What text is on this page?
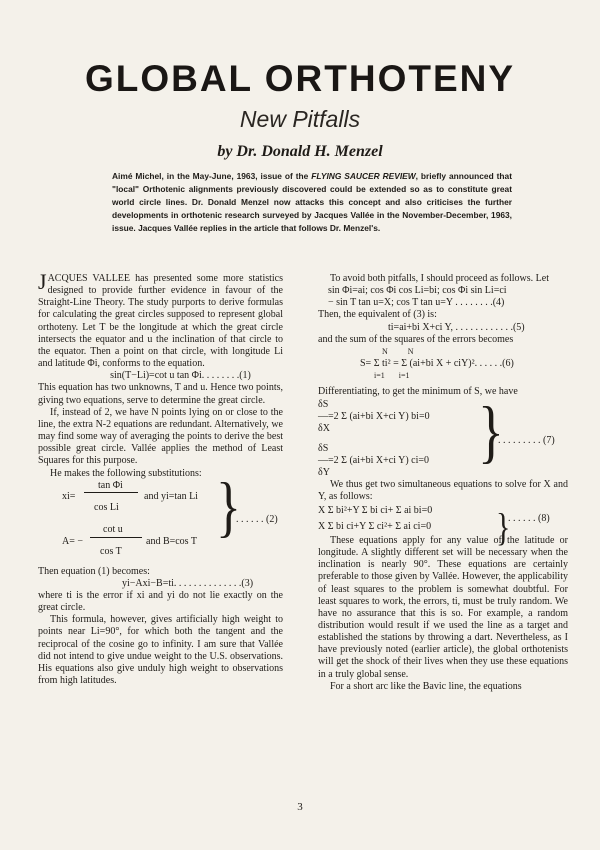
GLOBAL ORTHOTENY
New Pitfalls
by Dr. Donald H. Menzel
Aimé Michel, in the May-June, 1963, issue of the FLYING SAUCER REVIEW, briefly announced that "local" Orthotenic alignments previously discovered could be extended so as to constitute great world circle lines. Dr. Donald Menzel now attacks this concept and also criticises the further developments in orthotenic research surveyed by Jacques Vallée in the November-December, 1963, issue. Jacques Vallée replies in the article that follows Dr. Menzel's.

JACQUES VALLEE has presented some more statistics designed to provide further evidence in favour of the Straight-Line Theory. The study purports to derive formulas for calculating the great circles supposed to represent global orthoteny. Let T be the longitude at which the great circle intersects the equator and u the inclination of that circle to the equator. Then a point on that circle, with longitude Li and latitude Φi, conforms to the equation.

sin(T−Li)=cot u tan Φi. . . . . . . .(1)

This equation has two unknowns, T and u. Hence two points, giving two equations, serve to determine the great circle.

If, instead of 2, we have N points lying on or close to the line, the extra N-2 equations are redundant. Alternatively, we may find some way of averaging the points to derive the best possible great circle. Vallée applies the method of Least Squares for this purpose.

He makes the following substitutions:

tan Φi
xi=
cos Li
and yi=tan Li
cot u
A= −
cos T
and B=cos T }
. . . . . . (2)

Then equation (1) becomes:

yi−Axi−B=ti. . . . . . . . . . . . . .(3)

where ti is the error if xi and yi do not lie exactly on the great circle.

This formula, however, gives artificially high weight to points near Li=90°, for which both the tangent and the reciprocal of the cosine go to infinity. I am sure that Vallée did not intend to give undue weight to the U.S. observations. His equations also give unduly high weight to observations from high latitudes.

To avoid both pitfalls, I should proceed as follows. Let

sin Φi=ai; cos Φi cos Li=bi; cos Φi sin Li=ci

− sin T tan u=X; cos T tan u=Y . . . . . . . .(4)

Then, the equivalent of (3) is:

ti=ai+bi X+ci Y, . . . . . . . . . . . .(5)

and the sum of the squares of the errors becomes

N          N

S= Σ ti² = Σ (ai+bi X + ciY)². . . . . .(6)

i=1       i=1

Differentiating, to get the minimum of S, we have

δS
—=2 Σ (ai+bi X+ci Y) bi=0
δX	}
. . . . . . . . . (7)
δS
—=2 Σ (ai+bi X+ci Y) ci=0
δY

We thus get two simultaneous equations to solve for X and Y, as follows:

X Σ bi²+Y Σ bi ci+ Σ ai bi=0
X Σ bi ci+Y Σ ci²+ Σ ai ci=0 }
. . . . . . (8)

These equations apply for any value of the latitude or longitude. A slightly different set will be necessary when the inclination is nearly 90°. These equations are certainly preferable to those given by Vallée. However, the applicability of least squares to the problem is somewhat doubtful. For least squares to work, the errors, ti, must be truly random. We have no assurance that this is so. For example, a random distribution would result if we used the line as a target and established the stations by throwing a dart. Nevertheless, as I have previously noted (earlier article), the global orthotenists will get the shock of their lives when they use these equations in a truly global sense.

For a short arc like the Bavic line, the equations

3
